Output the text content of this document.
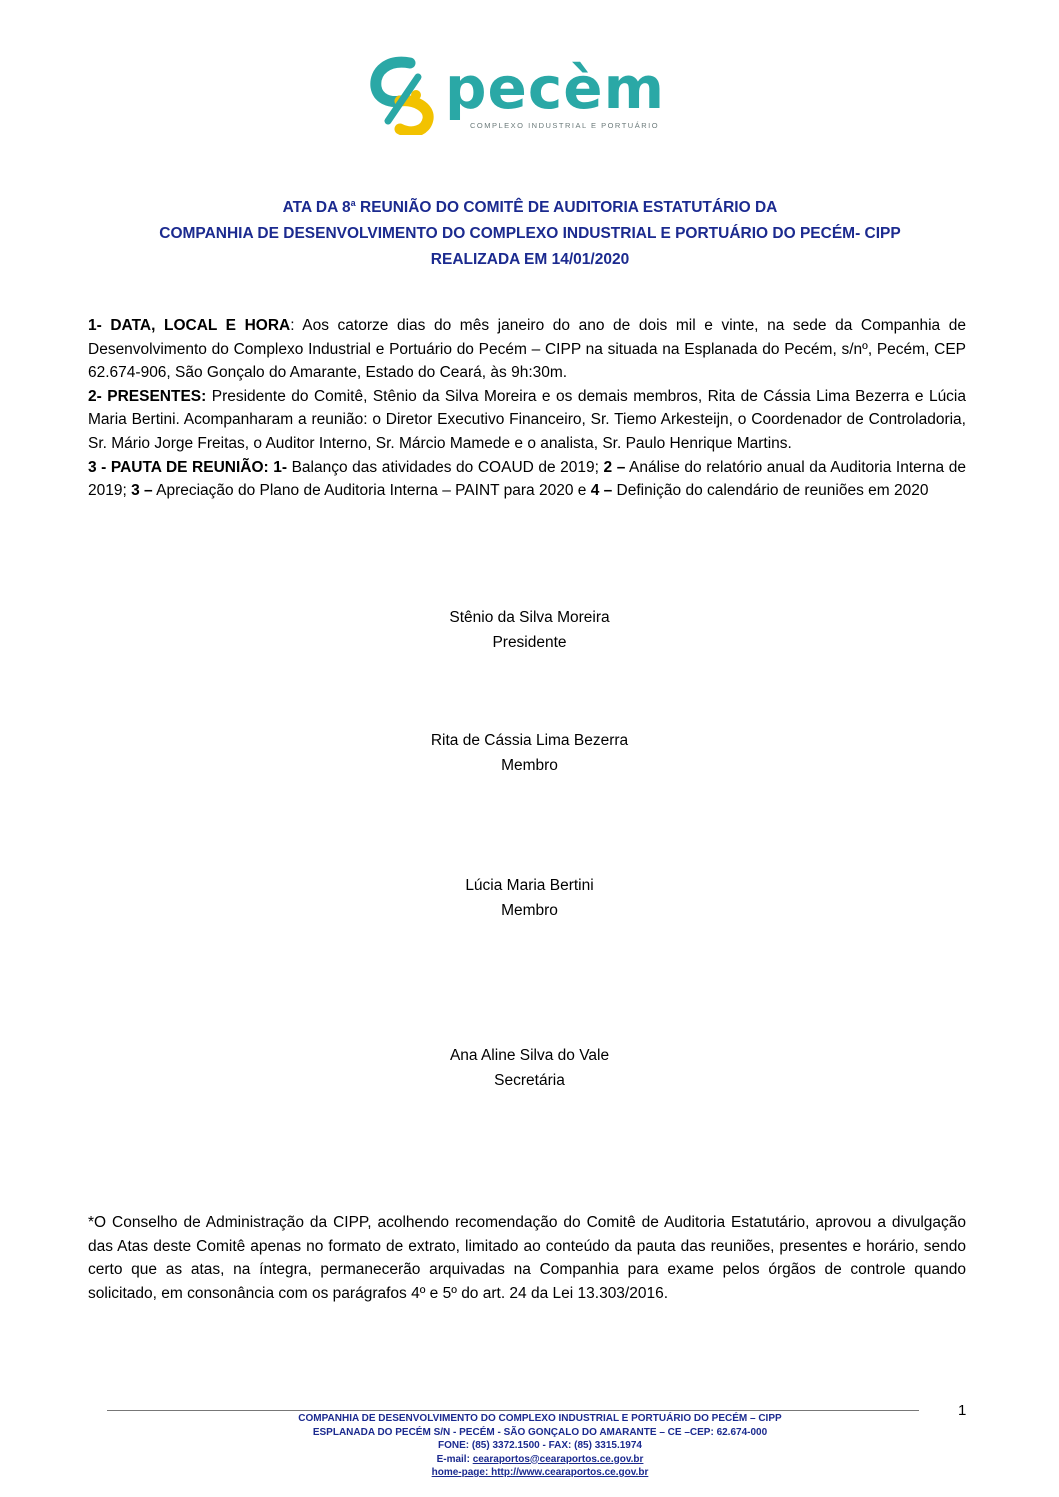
pecèm
COMPLEXO INDUSTRIAL E PORTUÁRIO
ATA DA 8$^a$ REUNIÃO DO COMITÊ DE AUDITORIA ESTATUTÁRIO DA
COMPANHIA DE DESENVOLVIMENTO DO COMPLEXO INDUSTRIAL E PORTUÁRIO DO PECÉM- CIPP
REALIZADA EM 14/01/2020

1- DATA, LOCAL E HORA: Aos catorze dias do mês janeiro do ano de dois mil e vinte, na sede da Companhia de Desenvolvimento do Complexo Industrial e Portuário do Pecém – CIPP na situada na Esplanada do Pecém, s/nº, Pecém, CEP 62.674-906, São Gonçalo do Amarante, Estado do Ceará, às 9h:30m.

2- PRESENTES: Presidente do Comitê, Stênio da Silva Moreira e os demais membros, Rita de Cássia Lima Bezerra e Lúcia Maria Bertini. Acompanharam a reunião: o Diretor Executivo Financeiro, Sr. Tiemo Arkesteijn, o Coordenador de Controladoria, Sr. Mário Jorge Freitas, o Auditor Interno, Sr. Márcio Mamede e o analista, Sr. Paulo Henrique Martins.

3 - PAUTA DE REUNIÃO: 1- Balanço das atividades do COAUD de 2019; 2 – Análise do relatório anual da Auditoria Interna de 2019; 3 – Apreciação do Plano de Auditoria Interna – PAINT para 2020 e 4 – Definição do calendário de reuniões em 2020

Stênio da Silva Moreira
Presidente
Rita de Cássia Lima Bezerra
Membro
Lúcia Maria Bertini
Membro
Ana Aline Silva do Vale
Secretária
*O Conselho de Administração da CIPP, acolhendo recomendação do Comitê de Auditoria Estatutário, aprovou a divulgação das Atas deste Comitê apenas no formato de extrato, limitado ao conteúdo da pauta das reuniões, presentes e horário, sendo certo que as atas, na íntegra, permanecerão arquivadas na Companhia para exame pelos órgãos de controle quando solicitado, em consonância com os parágrafos 4º e 5º do art. 24 da Lei 13.303/2016.
1
COMPANHIA DE DESENVOLVIMENTO DO COMPLEXO INDUSTRIAL E PORTUÁRIO DO PECÉM – CIPP
ESPLANADA DO PECÉM S/N - PECÉM - SÃO GONÇALO DO AMARANTE – CE –CEP: 62.674-000
FONE: (85) 3372.1500 - FAX: (85) 3315.1974
E-mail: cearaportos@cearaportos.ce.gov.br
home-page: http://www.cearaportos.ce.gov.br
